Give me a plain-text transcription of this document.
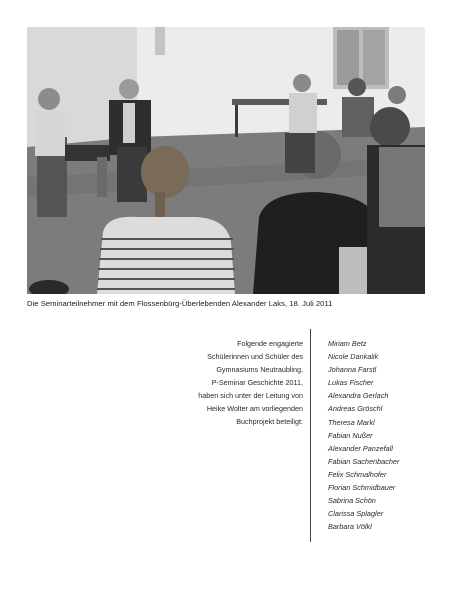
Die Seminarteilnehmer mit dem Flossenbürg-Überlebenden Alexander Laks, 18. Juli 2011
Folgende engagierte
Schülerinnen und Schüler des
Gymnasiums Neutraubling,
P-Seminar Geschichte 2011,
haben sich unter der Leitung von
Heike Wolter am vorliegenden
Buchprojekt beteiligt:
Miriam Betz
Nicole Dankalik
Johanna Farstl
Lukas Fischer
Alexandra Gerlach
Andreas Gröschl
Theresa Markl
Fabian Nußer
Alexander Panzefall
Fabian Sachenbacher
Felix Schmalhofer
Florian Schmidbauer
Sabrina Schön
Clarissa Splagler
Barbara Völkl
